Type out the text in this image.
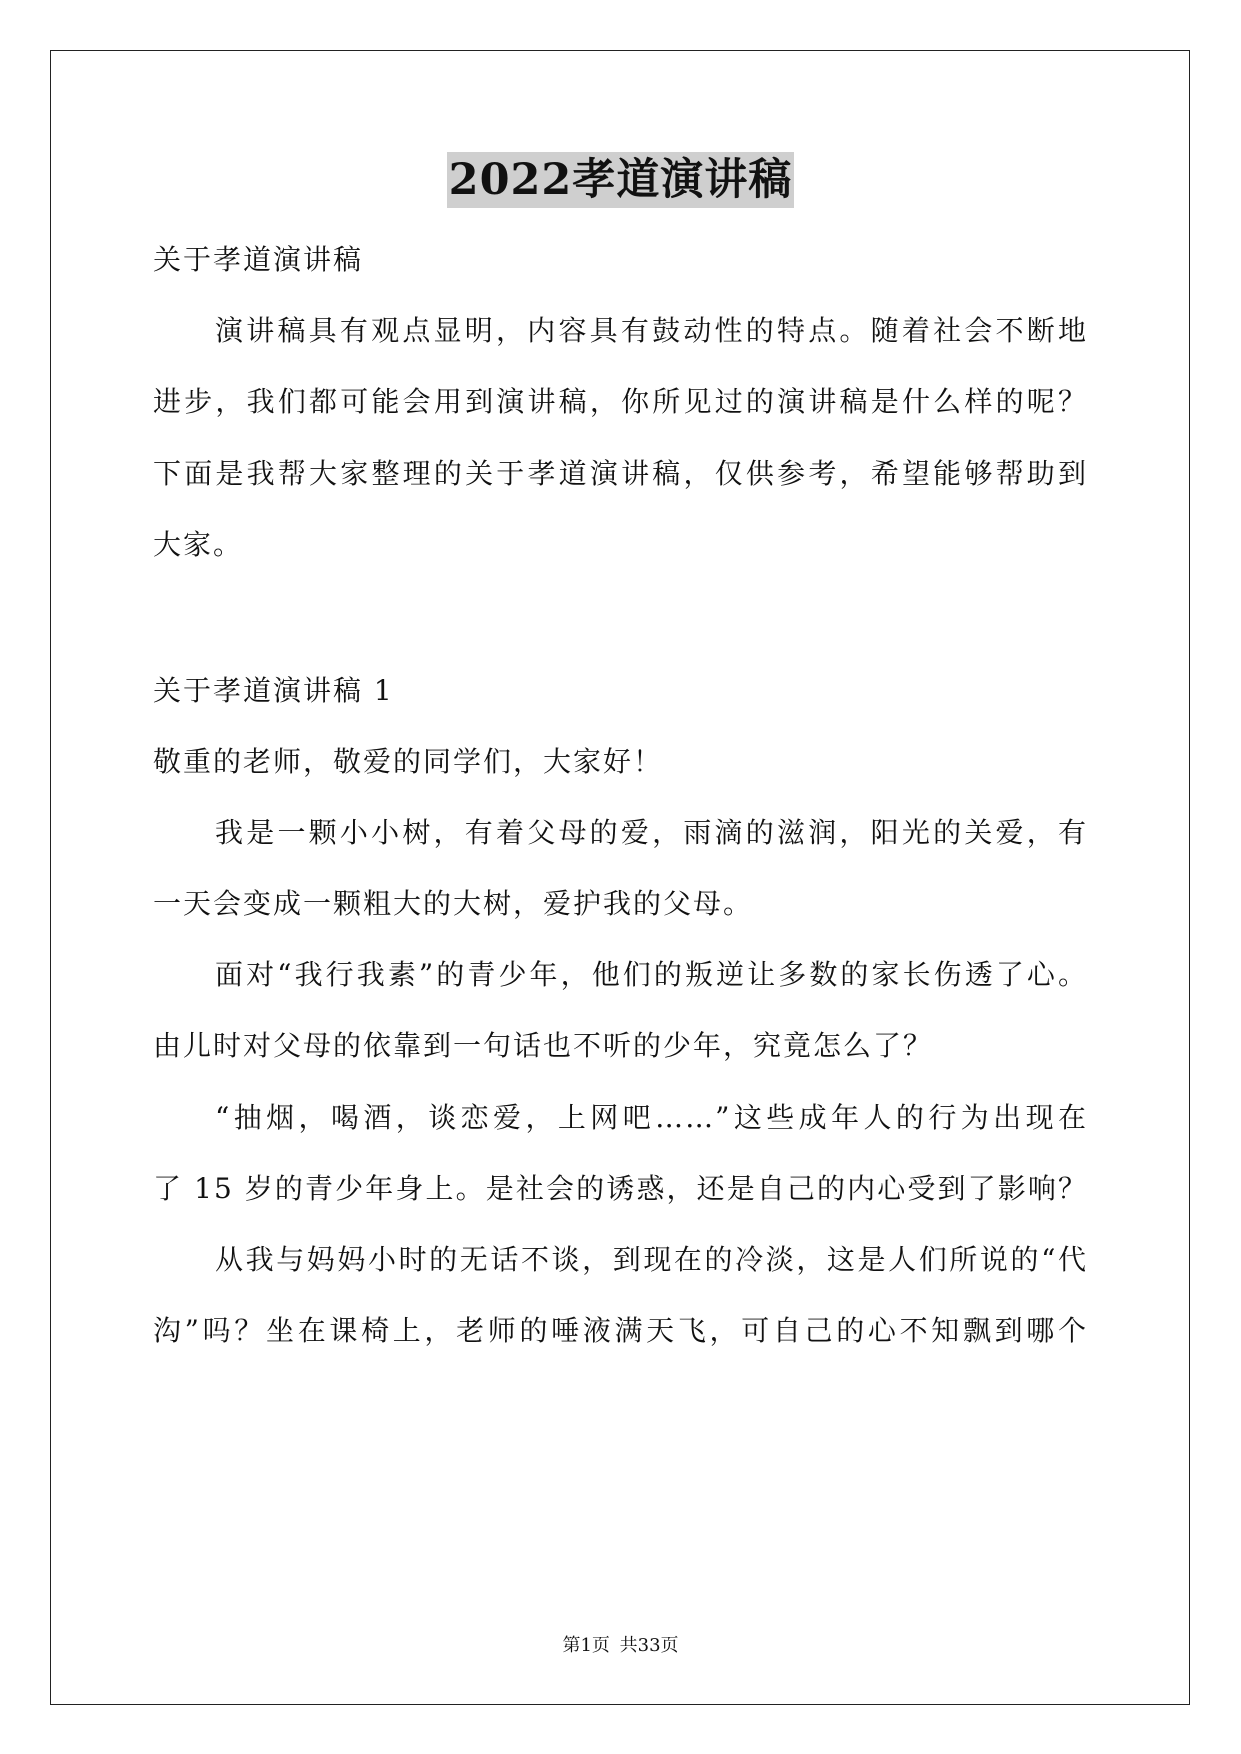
2022孝道演讲稿
关于孝道演讲稿
演讲稿具有观点显明，内容具有鼓动性的特点。随着社会不断地
进步，我们都可能会用到演讲稿，你所见过的演讲稿是什么样的呢？
下面是我帮大家整理的关于孝道演讲稿，仅供参考，希望能够帮助到
大家。
关于孝道演讲稿 1
敬重的老师，敬爱的同学们，大家好！
我是一颗小小树，有着父母的爱，雨滴的滋润，阳光的关爱，有
一天会变成一颗粗大的大树，爱护我的父母。
面对“我行我素”的青少年，他们的叛逆让多数的家长伤透了心。
由儿时对父母的依靠到一句话也不听的少年，究竟怎么了？
“抽烟，喝酒，谈恋爱，上网吧……”这些成年人的行为出现在
了 15 岁的青少年身上。是社会的诱惑，还是自己的内心受到了影响？
从我与妈妈小时的无话不谈，到现在的冷淡，这是人们所说的“代
沟”吗？坐在课椅上，老师的唾液满天飞，可自己的心不知飘到哪个
第1页 共33页
